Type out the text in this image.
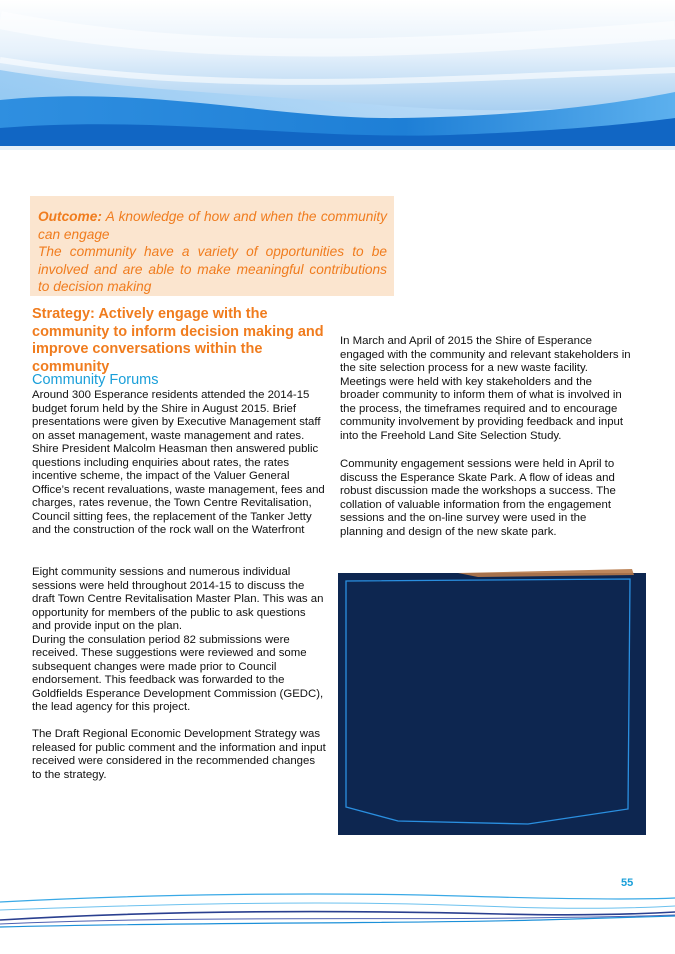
Outcome: A knowledge of how and when the community can engage
The community have a variety of opportunities to be involved and are able to make meaningful contributions to decision making

Strategy: Actively engage with the community to inform decision making and improve conversations within the community
Community Forums

Around 300 Esperance residents attended the 2014-15 budget forum held by the Shire in August 2015. Brief presentations were given by Executive Management staff on asset management, waste management and rates. Shire President Malcolm Heasman then answered public questions including enquiries about rates, the rates incentive scheme, the impact of the Valuer General Office’s recent revaluations, waste management, fees and charges, rates revenue, the Town Centre Revitalisation, Council sitting fees, the replacement of the Tanker Jetty and the construction of the rock wall on the Waterfront

Eight community sessions and numerous individual sessions were held throughout 2014-15 to discuss the draft Town Centre Revitalisation Master Plan. This was an opportunity for members of the public to ask questions and provide input on the plan.
During the consulation period 82 submissions were received. These suggestions were reviewed and some subsequent changes were made prior to Council endorsement. This feedback was forwarded to the Goldfields Esperance Development Commission (GEDC), the lead agency for this project.

The Draft Regional Economic Development Strategy was released for public comment and the information and input received were considered in the recommended changes to the strategy.

In March and April of 2015 the Shire of Esperance engaged with the community and relevant stakeholders in the site selection process for a new waste facility. Meetings were held with key stakeholders and the broader community to inform them of what is involved in the process, the timeframes required and to encourage community involvement by providing feedback and input into the Freehold Land Site Selection Study.

Community engagement sessions were held in April to discuss the Esperance Skate Park. A flow of ideas and robust discussion made the workshops a success. The collation of valuable information from the engagement sessions and the on-line survey were used in the planning and design of the new skate park.

55
